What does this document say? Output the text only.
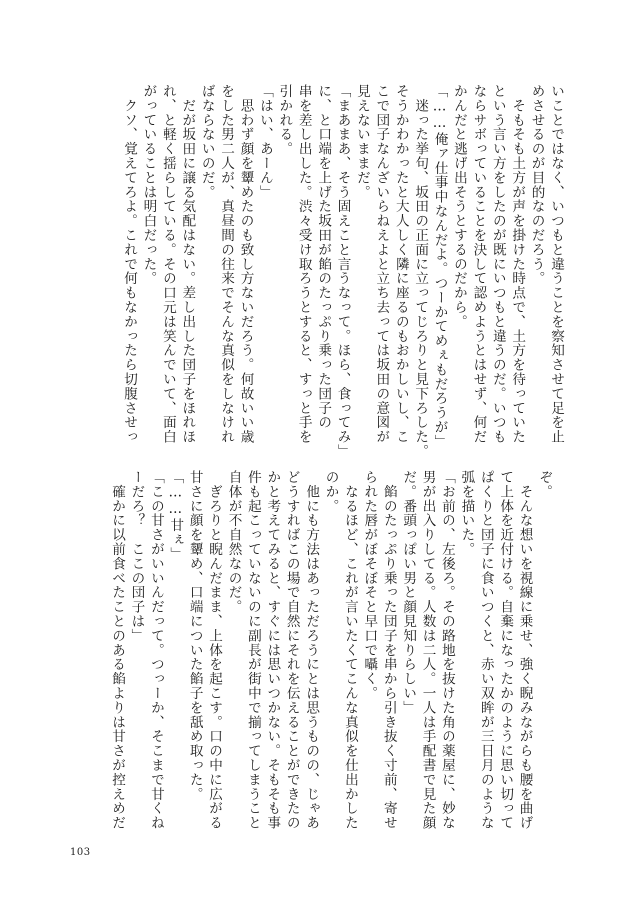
いことではなく、いつもと違うことを察知させて足を止
めさせるのが目的なのだろう。
　そもそも土方が声を掛けた時点で、土方を待っていた
という言い方をしたのが既にいつもと違うのだ。いつも
ならサボっていることを決して認めようとはせず、何だ
かんだと逃げ出そうとするのだから。
「……俺ァ仕事中なんだよ。つーかてめぇもだろうが」
　迷った挙句、坂田の正面に立ってじろりと見下ろした。
そうかわかったと大人しく隣に座るのもおかしいし、こ
こで団子なんざいらねえよと立ち去っては坂田の意図が
見えないままだ。
「まあまあ、そう固えこと言うなって。ほら、食ってみ」
に、と口端を上げた坂田が餡のたっぷり乗った団子の
串を差し出した。渋々受け取ろうとすると、すっと手を
引かれる。
「はい、あーん」
　思わず顔を顰めたのも致し方ないだろう。何故いい歳
をした男二人が、真昼間の往来でそんな真似をしなけれ
ばならないのだ。
　だが坂田に譲る気配はない。差し出した団子をほれほ
れ、と軽く揺らしている。その口元は笑んでいて、面白
がっていることは明白だった。
　クソ、覚えてろよ。これで何もなかったら切腹させっ
ぞ。
　そんな想いを視線に乗せ、強く睨みながらも腰を曲げ
て上体を近付ける。自棄になったかのように思い切って
ぱくりと団子に食いつくと、赤い双眸が三日月のような
弧を描いた。
「お前の、左後ろ。その路地を抜けた角の薬屋に、妙な
男が出入りしてる。人数は二人。一人は手配書で見た顔
だ。番頭っぽい男と顔見知りらしい」
　餡のたっぷり乗った団子を串から引き抜く寸前、寄せ
られた唇がぼそぼそと早口で囁く。
　なるほど、これが言いたくてこんな真似を仕出かした
のか。
　他にも方法はあっただろうにとは思うものの、じゃあ
どうすればこの場で自然にそれを伝えることができたの
かと考えてみると、すぐには思いつかない。そもそも事
件も起こっていないのに副長が街中で揃ってしまうこと
自体が不自然なのだ。
　ぎろりと睨んだまま、上体を起こす。口の中に広がる
甘さに顔を顰め、口端についた餡子を舐め取った。
「……甘ぇ」
「この甘さがいいんだって。つっーか、そこまで甘くね
ーだろ？　ここの団子は」
　確かに以前食べたことのある餡よりは甘さが控えめだ
103
